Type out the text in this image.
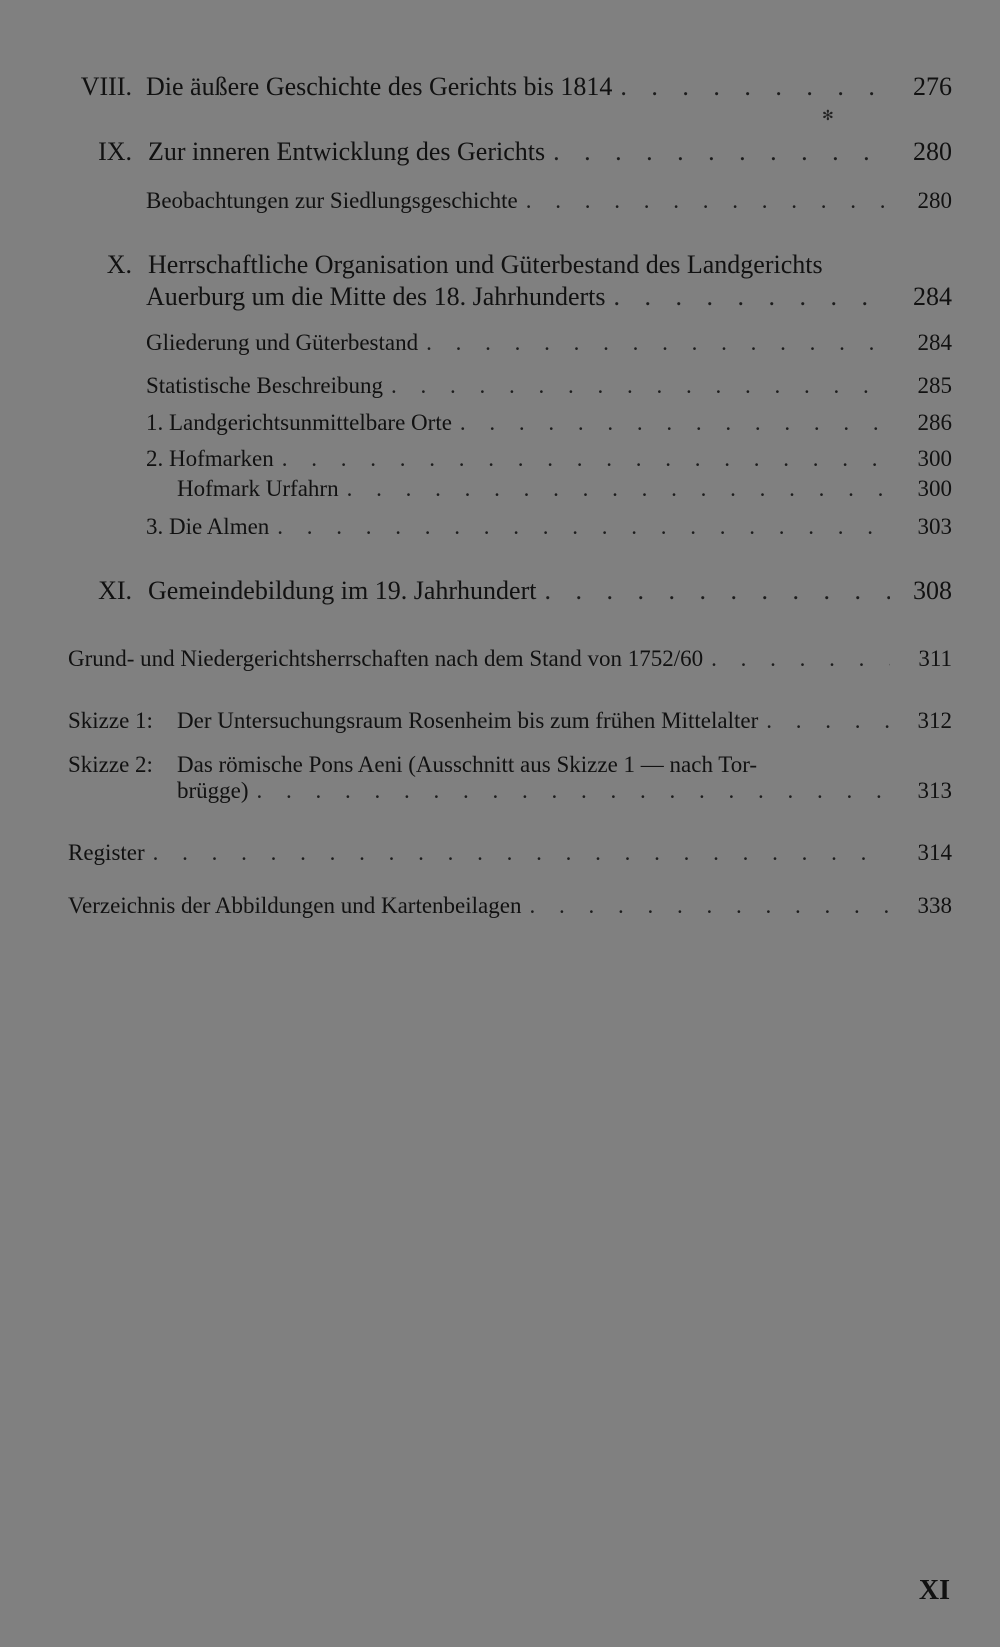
✻
VIII. Die äußere Geschichte des Gerichts bis 1814 . . .	276
IX. Zur inneren Entwicklung des Gerichts . . .	280
Beobachtungen zur Siedlungsgeschichte . . .	280
X. Herrschaftliche Organisation und Güterbestand des Landgerichts
Auerburg um die Mitte des 18. Jahrhunderts . . .	284
Gliederung und Güterbestand . . .	284
Statistische Beschreibung . . .	285
1. Landgerichtsunmittelbare Orte . . .	286
2. Hofmarken . . .	300
Hofmark Urfahrn . . .	300
3. Die Almen . . .	303
XI. Gemeindebildung im 19. Jahrhundert . . .	308
Grund- und Niedergerichtsherrschaften nach dem Stand von 1752/60 . . .	311
Skizze 1: Der Untersuchungsraum Rosenheim bis zum frühen Mittelalter . . .	312
Skizze 2: Das römische Pons Aeni (Ausschnitt aus Skizze 1 — nach Tor-
brügge) . . .	313
Register . . .	314
Verzeichnis der Abbildungen und Kartenbeilagen . . .	338
XI
